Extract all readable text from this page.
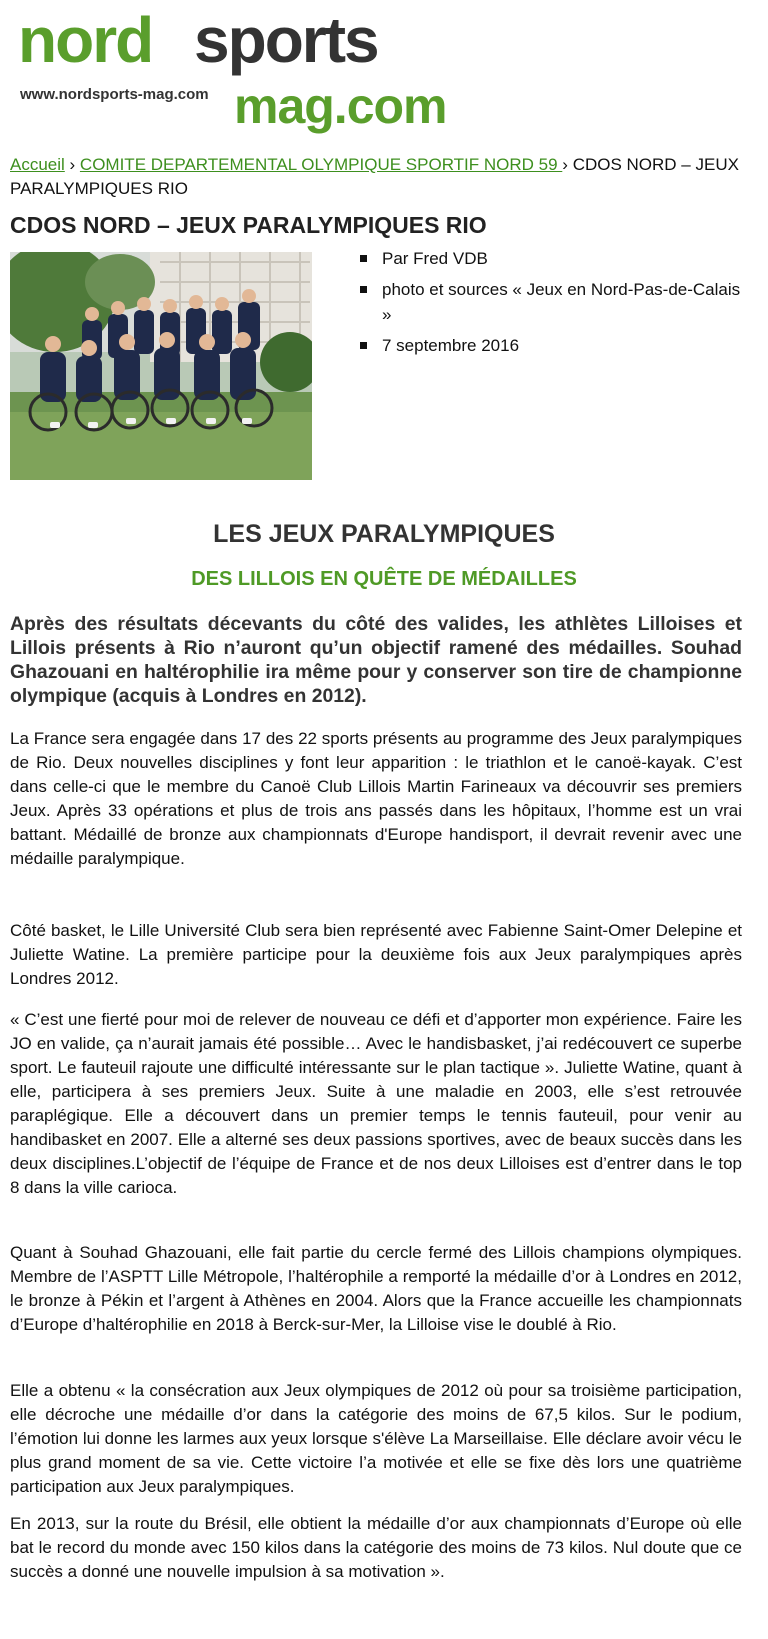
nord sports
www.nordsports-mag.com mag.com
Accueil › COMITE DEPARTEMENTAL OLYMPIQUE SPORTIF NORD 59 › CDOS NORD – JEUX PARALYMPIQUES RIO
CDOS NORD – JEUX PARALYMPIQUES RIO
Par Fred VDB
photo et sources « Jeux en Nord-Pas-de-Calais »
7 septembre 2016
LES JEUX PARALYMPIQUES
DES LILLOIS EN QUÊTE DE MÉDAILLES

Après des résultats décevants du côté des valides, les athlètes Lilloises et Lillois présents à Rio n’auront qu’un objectif ramené des médailles. Souhad Ghazouani en haltérophilie ira même pour y conserver son tire de championne olympique (acquis à Londres en 2012).

La France sera engagée dans 17 des 22 sports présents au programme des Jeux paralympiques de Rio. Deux nouvelles disciplines y font leur apparition : le triathlon et le canoë-kayak. C’est dans celle-ci que le membre du Canoë Club Lillois Martin Farineaux va découvrir ses premiers Jeux. Après 33 opérations et plus de trois ans passés dans les hôpitaux, l’homme est un vrai battant. Médaillé de bronze aux championnats d'Europe handisport, il devrait revenir avec une médaille paralympique.

Côté basket, le Lille Université Club sera bien représenté avec Fabienne Saint-Omer Delepine et Juliette Watine. La première participe pour la deuxième fois aux Jeux paralympiques après Londres 2012.

« C’est une fierté pour moi de relever de nouveau ce défi et d’apporter mon expérience. Faire les JO en valide, ça n’aurait jamais été possible… Avec le handisbasket, j’ai redécouvert ce superbe sport. Le fauteuil rajoute une difficulté intéressante sur le plan tactique ». Juliette Watine, quant à elle, participera à ses premiers Jeux. Suite à une maladie en 2003, elle s’est retrouvée paraplégique. Elle a découvert dans un premier temps le tennis fauteuil, pour venir au handibasket en 2007. Elle a alterné ses deux passions sportives, avec de beaux succès dans les deux disciplines.L’objectif de l’équipe de France et de nos deux Lilloises est d’entrer dans le top 8 dans la ville carioca.

Quant à Souhad Ghazouani, elle fait partie du cercle fermé des Lillois champions olympiques. Membre de l’ASPTT Lille Métropole, l’haltérophile a remporté la médaille d’or à Londres en 2012, le bronze à Pékin et l’argent à Athènes en 2004. Alors que la France accueille les championnats d’Europe d’haltérophilie en 2018 à Berck-sur-Mer, la Lilloise vise le doublé à Rio.

Elle a obtenu « la consécration aux Jeux olympiques de 2012 où pour sa troisième participation, elle décroche une médaille d’or dans la catégorie des moins de 67,5 kilos. Sur le podium, l’émotion lui donne les larmes aux yeux lorsque s'élève La Marseillaise. Elle déclare avoir vécu le plus grand moment de sa vie. Cette victoire l’a motivée et elle se fixe dès lors une quatrième participation aux Jeux paralympiques.

En 2013, sur la route du Brésil, elle obtient la médaille d’or aux championnats d’Europe où elle bat le record du monde avec 150 kilos dans la catégorie des moins de 73 kilos. Nul doute que ce succès a donné une nouvelle impulsion à sa motivation ».
